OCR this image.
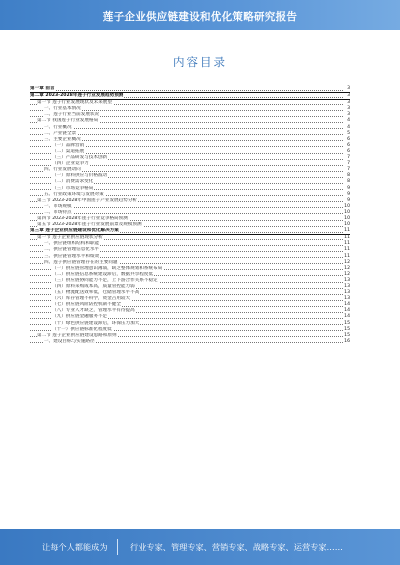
莲子企业供应链建设和优化策略研究报告
内容目录
第一章 前言	3
第二章 2023-2028年莲子行业发展趋势预测	3
第一节 莲子行业发展现状及未来展望	3
一、行业基本情况	3
二、莲子行业当前发展状况	3
第二节 我国莲子行业发展格局	4
一、行业概况	4
二、产业链全景	5
三、主要企业概况	6
（一）品牌营销	6
（二）渠道拓展	6
（三）产品研发与技术创新	7
（四）企业竞争力	7
四、行业发展动向	7
（一）原料供应与价格波动	8
（二）消费需求变化	8
（三）市场竞争格局	9
五、行业政策环境与发展对策	9
第三节 2023-2028年中国莲子产业发展趋势分析	9
一、市场规模	10
二、市场特点	10
第四节 2023-2028年莲子行业竞争格局预测	10
第五节 2023-2028年莲子行业发展前景及规模预测	10
第三章 莲子企业供应链建设和优化解决方案	11
第一节 莲子企业供应链现状分析	11
一、供应链组织结构和职能	11
二、供应链管理信息化水平	11
三、供应链管理水平和绩效	11
四、莲子供应链管理存在的主要问题	12
（一）供应链管理意识薄弱，缺乏整体规划和系统布局	12
（二）供应链信息系统建设滞后，数据共享程度低	12
（三）供应链协同能力不足，上下游合作关系不稳定	13
（四）原料采购成本高，质量管控能力弱	13
（五）物流配送效率低，仓储管理水平不高	13
（六）库存管理不科学，资金占用较大	13
（七）供应链风险防控机制不健全	14
（八）专业人才缺乏，管理水平有待提高	14
（九）供应链金融服务不足	14
（十）绿色供应链建设滞后，环保压力加大	15
（十一）供应链标准化程度低	15
第二节 莲子企业供应链建设思路和原则	15
一、建设目标与实施路径	16
让每个人都能成为	行业专家、管理专家、营销专家、战略专家、运营专家……
